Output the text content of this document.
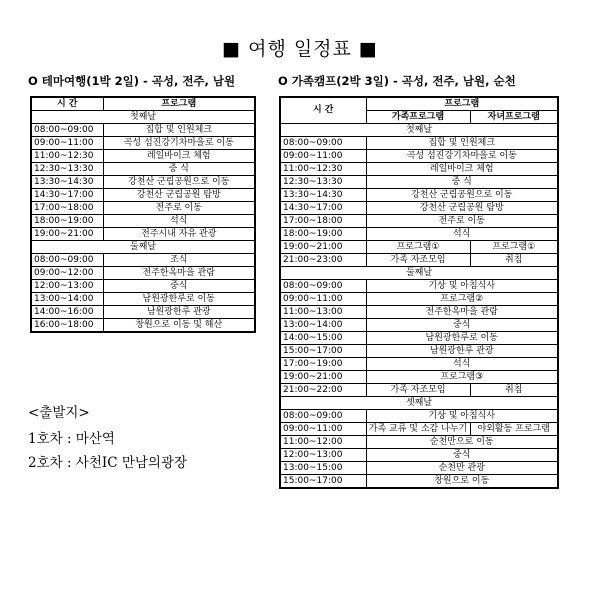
■ 여행 일정표 ■
O 테마여행(1박 2일) - 곡성, 전주, 남원	O 가족캠프(2박 3일) - 곡성, 전주, 남원, 순천
시 간	프로그램
첫째날	
08:00~09:00	집합 및 인원체크
09:00~11:00	곡성 섬진강기차마을로 이동
11:00~12:30	레일바이크 체험
12:30~13:30	중 식
13:30~14:30	강천산 군립공원으로 이동
14:30~17:00	강천산 군립공원 탐방
17:00~18:00	전주로 이동
18:00~19:00	석식
19:00~21:00	전주시내 자유 관광
둘째날	
08:00~09:00	조식
09:00~12:00	전주한옥마을 관람
12:00~13:00	중식
13:00~14:00	남원광한루로 이동
14:00~16:00	남원광한루 관광
16:00~18:00	창원으로 이동 및 해산
시 간	프로그램	
	가족프로그램	자녀프로그램
첫째날		
08:00~09:00	집합 및 인원체크	
09:00~11:00	곡성 섬진강기차마을로 이동	
11:00~12:30	레일바이크 체험	
12:30~13:30	중 식	
13:30~14:30	강천산 군립공원으로 이동	
14:30~17:00	강천산 군립공원 탐방	
17:00~18:00	전주로 이동	
18:00~19:00	석식	
19:00~21:00	프로그램①	프로그램①
21:00~23:00	가족 자조모임	취침
둘째날		
08:00~09:00	기상 및 아침식사	
09:00~11:00	프로그램②	
11:00~13:00	전주한옥마을 관람	
13:00~14:00	중식	
14:00~15:00	남원광한루로 이동	
15:00~17:00	남원광한루 관광	
17:00~19:00	석식	
19:00~21:00	프로그램③	
21:00~22:00	가족 자조모임	취침
셋째날		
08:00~09:00	기상 및 아침식사	
09:00~11:00	가족 교류 및 소감 나누기	야외활동 프로그램
11:00~12:00	순천만으로 이동	
12:00~13:00	중식	
13:00~15:00	순천만 관광	
15:00~17:00	창원으로 이동	
<출발지>
1호차 : 마산역
2호차 : 사천IC 만남의광장
